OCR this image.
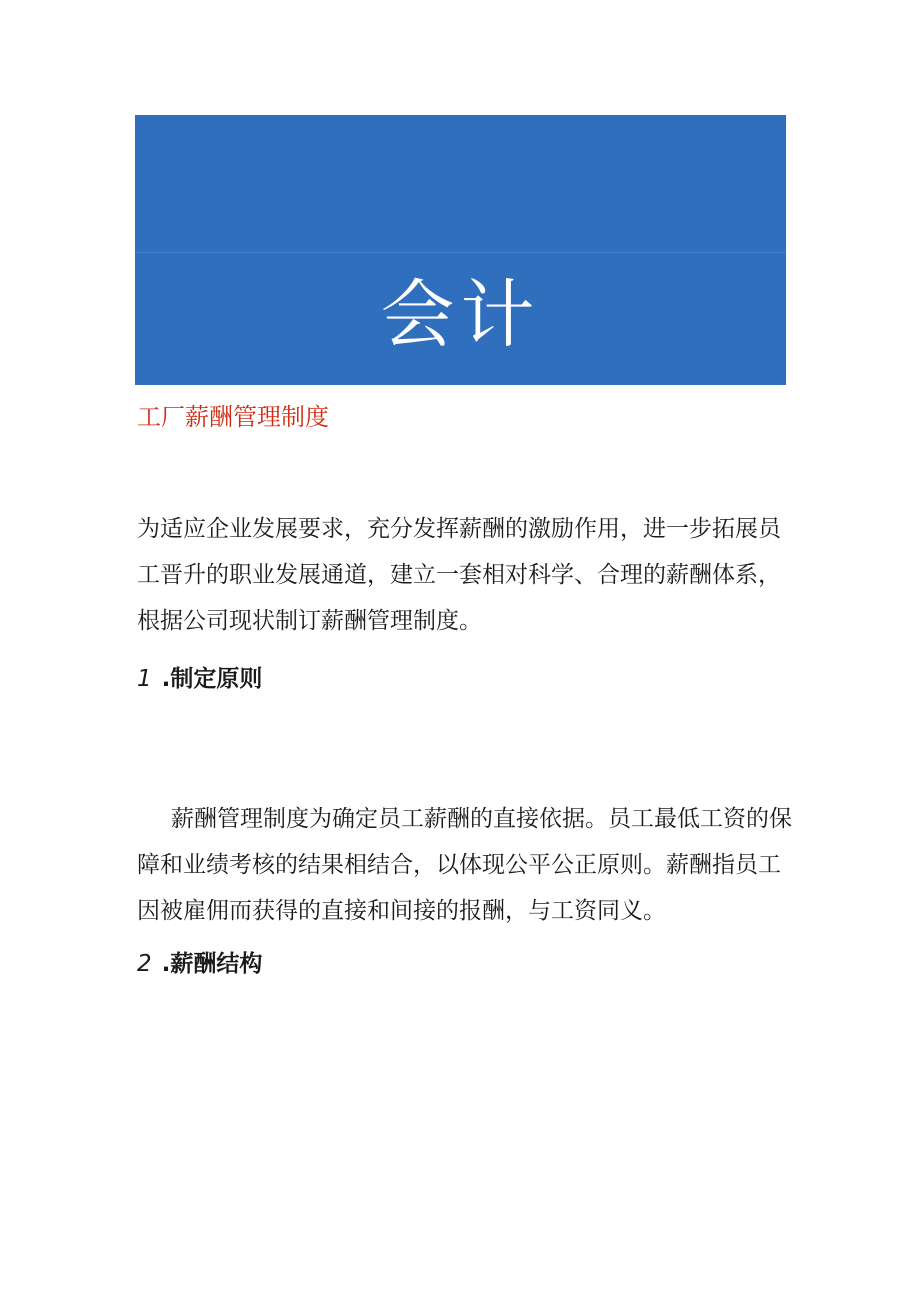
会计
实务
工厂薪酬管理制度

为适应企业发展要求，充分发挥薪酬的激励作用，进一步拓展员工晋升的职业发展通道，建立一套相对科学、合理的薪酬体系，根据公司现状制订薪酬管理制度。

1 .制定原则

薪酬管理制度为确定员工薪酬的直接依据。员工最低工资的保障和业绩考核的结果相结合，以体现公平公正原则。薪酬指员工因被雇佣而获得的直接和间接的报酬，与工资同义。

2 .薪酬结构
